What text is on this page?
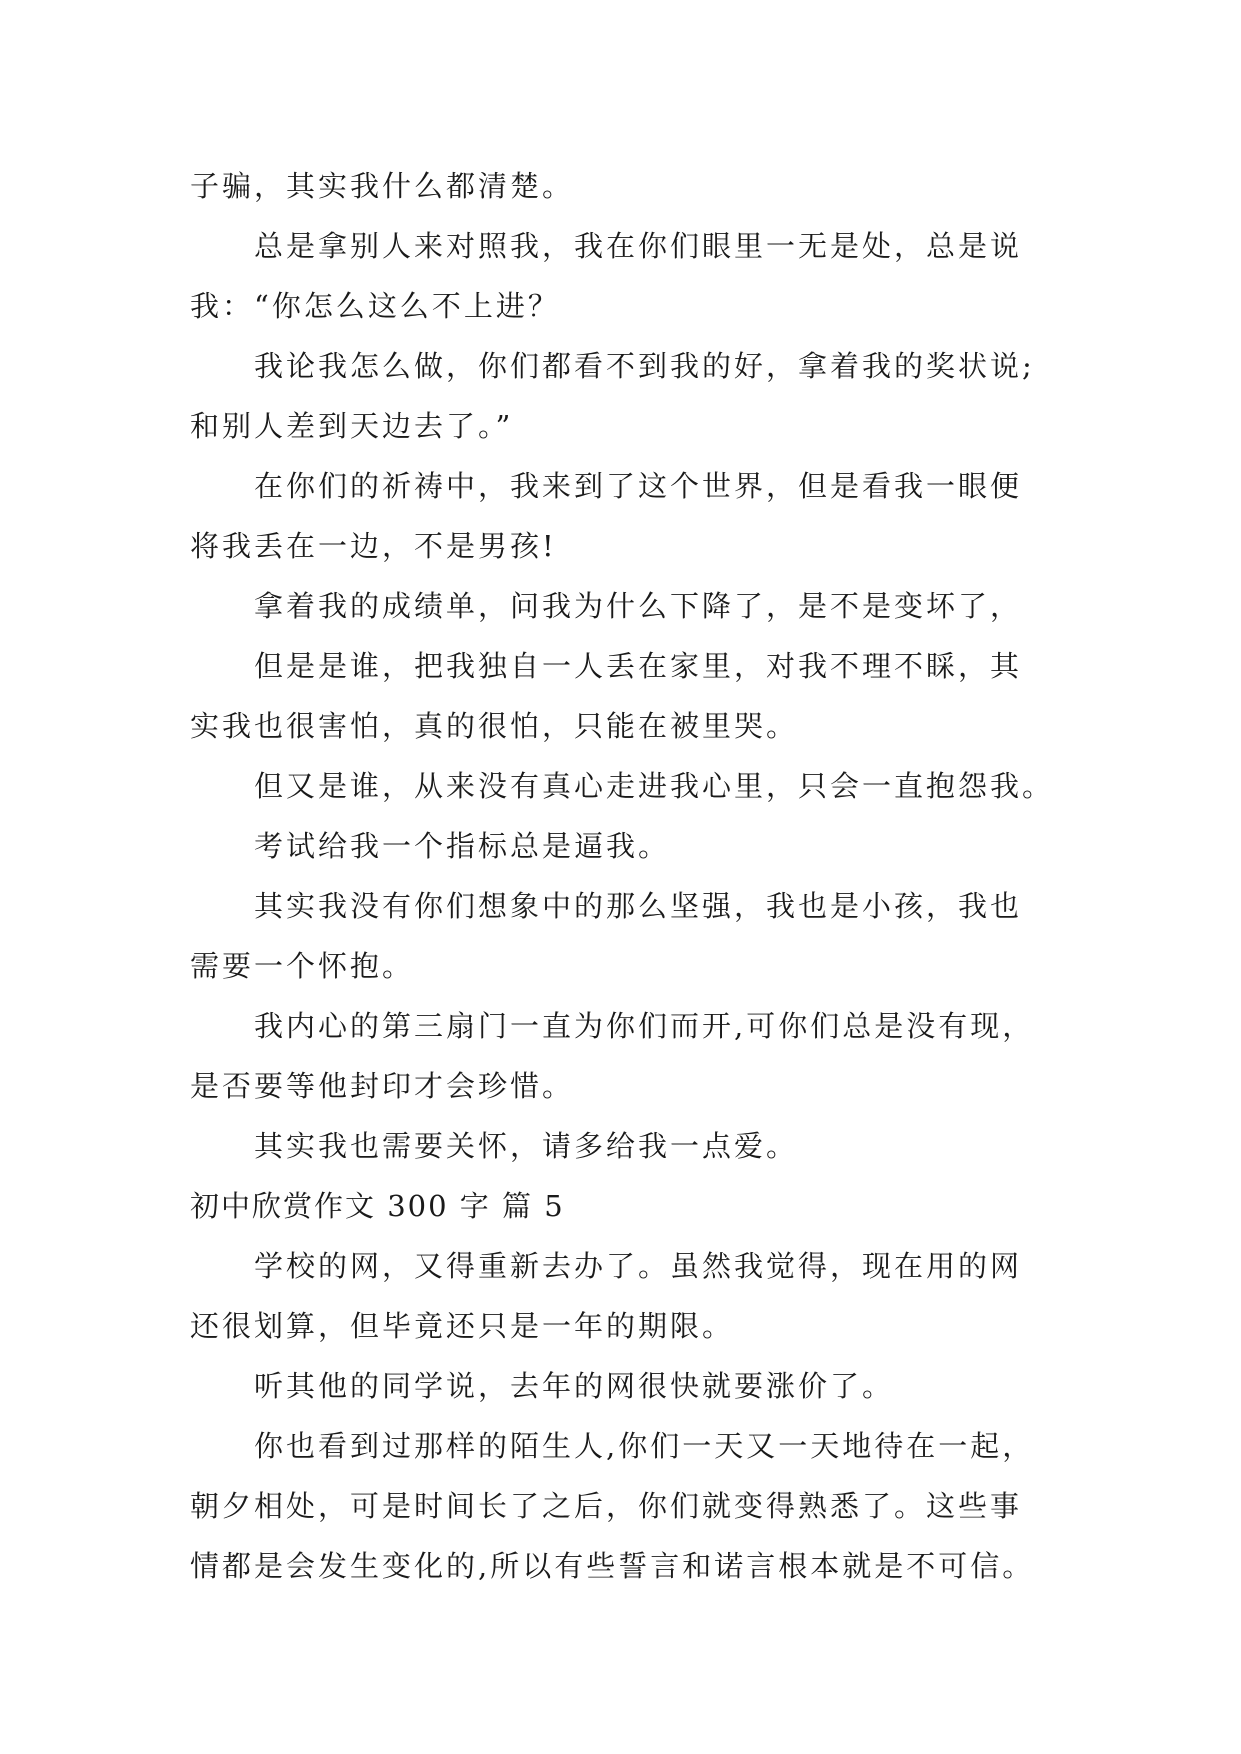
子骗，其实我什么都清楚。
总是拿别人来对照我，我在你们眼里一无是处，总是说
我：“你怎么这么不上进？
我论我怎么做，你们都看不到我的好，拿着我的奖状说;
和别人差到天边去了。”
在你们的祈祷中，我来到了这个世界，但是看我一眼便
将我丢在一边，不是男孩!
拿着我的成绩单，问我为什么下降了，是不是变坏了，
但是是谁，把我独自一人丢在家里，对我不理不睬，其
实我也很害怕，真的很怕，只能在被里哭。
但又是谁，从来没有真心走进我心里，只会一直抱怨我。
考试给我一个指标总是逼我。
其实我没有你们想象中的那么坚强，我也是小孩，我也
需要一个怀抱。
我内心的第三扇门一直为你们而开,可你们总是没有现，
是否要等他封印才会珍惜。
其实我也需要关怀，请多给我一点爱。
初中欣赏作文 300 字 篇 5
学校的网，又得重新去办了。虽然我觉得，现在用的网
还很划算，但毕竟还只是一年的期限。
听其他的同学说，去年的网很快就要涨价了。
你也看到过那样的陌生人,你们一天又一天地待在一起，
朝夕相处，可是时间长了之后，你们就变得熟悉了。这些事
情都是会发生变化的,所以有些誓言和诺言根本就是不可信。
